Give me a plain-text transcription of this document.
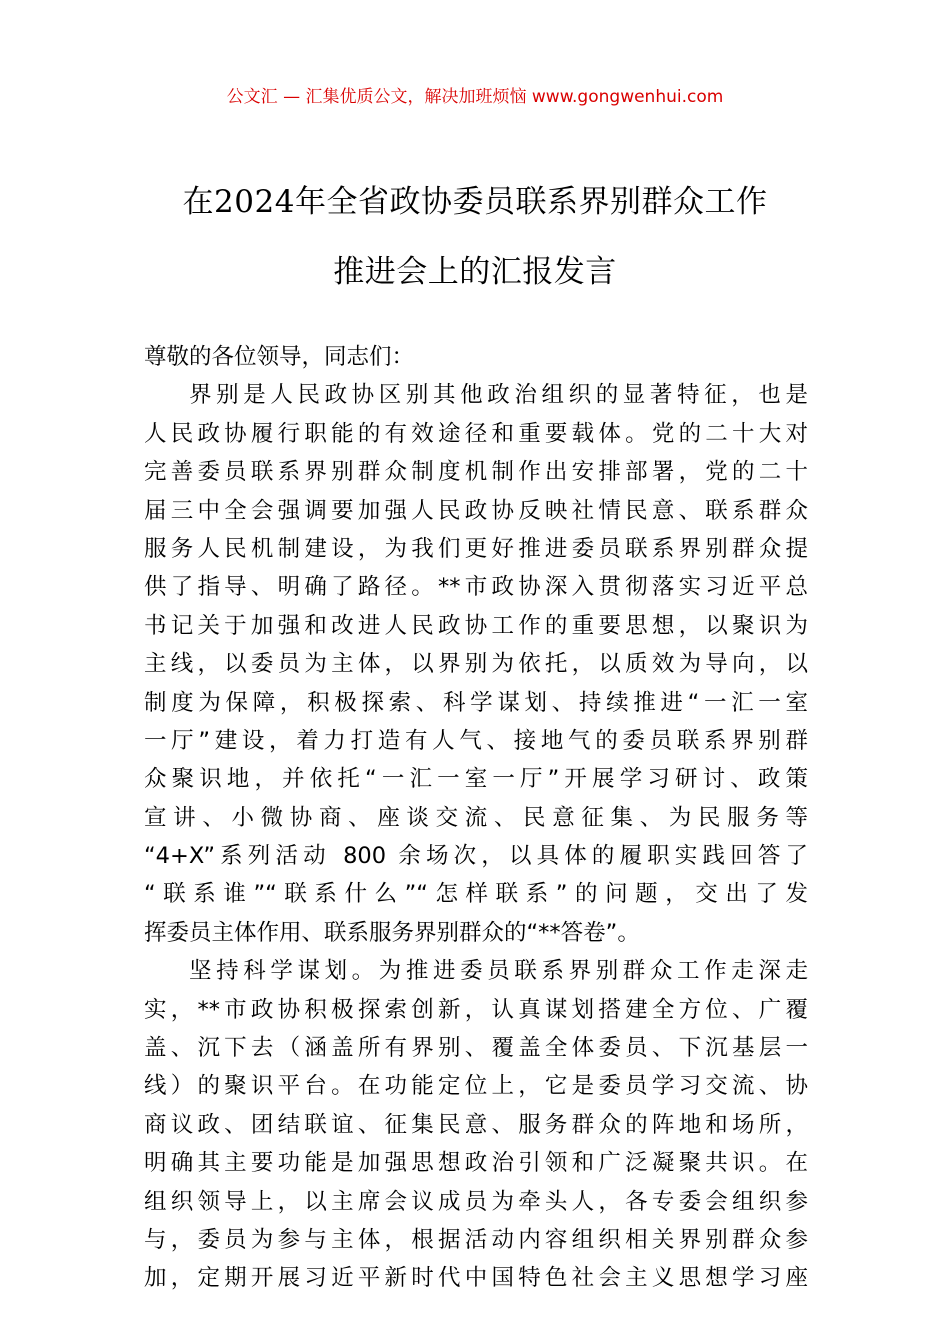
公文汇 — 汇集优质公文，解决加班烦恼 www.gongwenhui.com
在2024年全省政协委员联系界别群众工作
推进会上的汇报发言
尊敬的各位领导，同志们：
界别是人民政协区别其他政治组织的显著特征，也是
人民政协履行职能的有效途径和重要载体。党的二十大对
完善委员联系界别群众制度机制作出安排部署，党的二十
届三中全会强调要加强人民政协反映社情民意、联系群众
服务人民机制建设，为我们更好推进委员联系界别群众提
供了指导、明确了路径。**市政协深入贯彻落实习近平总
书记关于加强和改进人民政协工作的重要思想，以聚识为
主线，以委员为主体，以界别为依托，以质效为导向，以
制度为保障，积极探索、科学谋划、持续推进“一汇一室
一厅”建设，着力打造有人气、接地气的委员联系界别群
众聚识地，并依托“一汇一室一厅”开展学习研讨、政策
宣讲、小微协商、座谈交流、民意征集、为民服务等
“4+X”系列活动 800 余场次，以具体的履职实践回答了
“联系谁”“联系什么”“怎样联系”的问题，交出了发
挥委员主体作用、联系服务界别群众的“**答卷”。
坚持科学谋划。为推进委员联系界别群众工作走深走
实，**市政协积极探索创新，认真谋划搭建全方位、广覆
盖、沉下去（涵盖所有界别、覆盖全体委员、下沉基层一
线）的聚识平台。在功能定位上，它是委员学习交流、协
商议政、团结联谊、征集民意、服务群众的阵地和场所，
明确其主要功能是加强思想政治引领和广泛凝聚共识。在
组织领导上，以主席会议成员为牵头人，各专委会组织参
与，委员为参与主体，根据活动内容组织相关界别群众参
加，定期开展习近平新时代中国特色社会主义思想学习座
